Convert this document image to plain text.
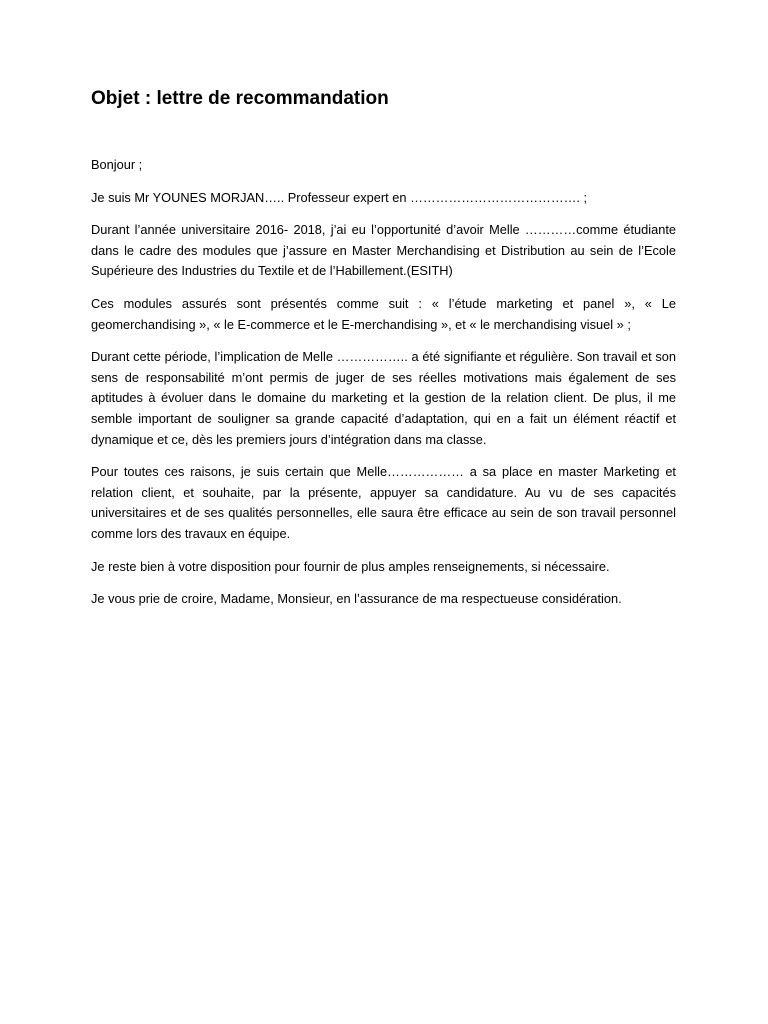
Objet : lettre de recommandation

Bonjour ;

Je suis Mr YOUNES MORJAN….. Professeur expert en …………………………………. ;

Durant l’année universitaire 2016- 2018, j’ai eu l’opportunité d’avoir Melle …………comme étudiante dans le cadre des modules que j’assure en Master Merchandising et Distribution au sein de l’Ecole Supérieure des Industries du Textile et de l’Habillement.(ESITH)

Ces modules assurés sont présentés comme suit : « l’étude marketing et panel », « Le geomerchandising », « le E-commerce et le E-merchandising », et « le merchandising visuel » ;

Durant cette période, l’implication de Melle …………….. a été signifiante et régulière. Son travail et son sens de responsabilité m’ont permis de juger de ses réelles motivations mais également de ses aptitudes à évoluer dans le domaine du marketing et la gestion de la relation client. De plus, il me semble important de souligner sa grande capacité d’adaptation, qui en a fait un élément réactif et dynamique et ce, dès les premiers jours d’intégration dans ma classe.

Pour toutes ces raisons, je suis certain que Melle……………… a sa place en master Marketing et relation client, et souhaite, par la présente, appuyer sa candidature. Au vu de ses capacités universitaires et de ses qualités personnelles, elle saura être efficace au sein de son travail personnel comme lors des travaux en équipe.

Je reste bien à votre disposition pour fournir de plus amples renseignements, si nécessaire.

Je vous prie de croire, Madame, Monsieur, en l’assurance de ma respectueuse considération.
